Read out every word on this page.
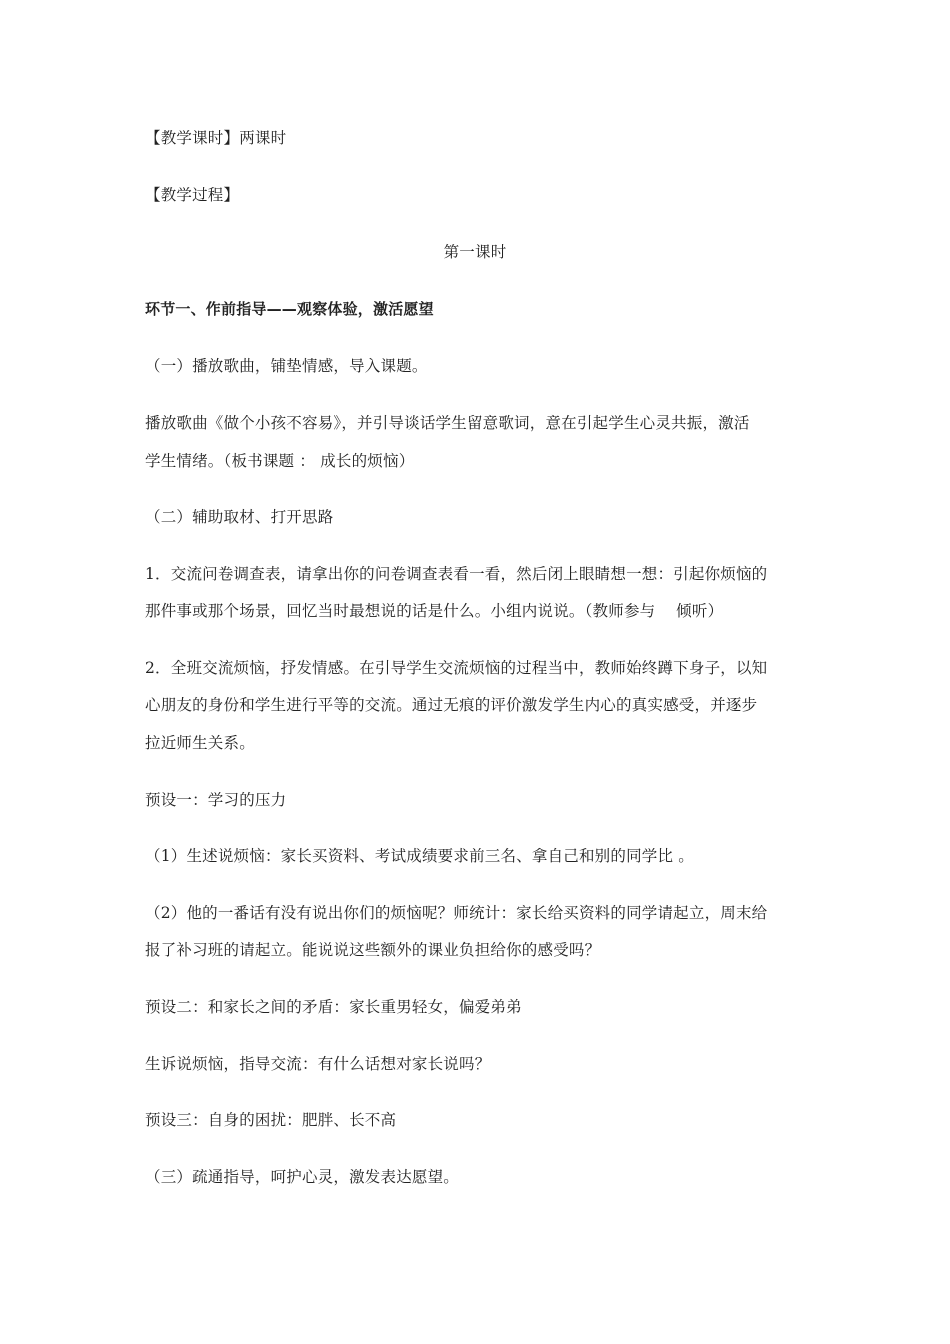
【教学课时】两课时
【教学过程】
第一课时
环节一、作前指导——观察体验，激活愿望
（一）播放歌曲，铺垫情感，导入课题。
播放歌曲《做个小孩不容易》，并引导谈话学生留意歌词，意在引起学生心灵共振，激活
学生情绪。（板书课题 ： 成长的烦恼）
（二）辅助取材、打开思路
1．交流问卷调查表，请拿出你的问卷调查表看一看，然后闭上眼睛想一想：引起你烦恼的
那件事或那个场景，回忆当时最想说的话是什么。小组内说说。（教师参与　 倾听）
2．全班交流烦恼，抒发情感。在引导学生交流烦恼的过程当中，教师始终蹲下身子，以知
心朋友的身份和学生进行平等的交流。通过无痕的评价激发学生内心的真实感受，并逐步
拉近师生关系。
预设一：学习的压力
（1）生述说烦恼：家长买资料、考试成绩要求前三名、拿自己和别的同学比 。
（2）他的一番话有没有说出你们的烦恼呢？师统计：家长给买资料的同学请起立，周末给
报了补习班的请起立。能说说这些额外的课业负担给你的感受吗？
预设二：和家长之间的矛盾：家长重男轻女，偏爱弟弟
生诉说烦恼，指导交流：有什么话想对家长说吗？
预设三：自身的困扰：肥胖、长不高
（三）疏通指导，呵护心灵，激发表达愿望。
